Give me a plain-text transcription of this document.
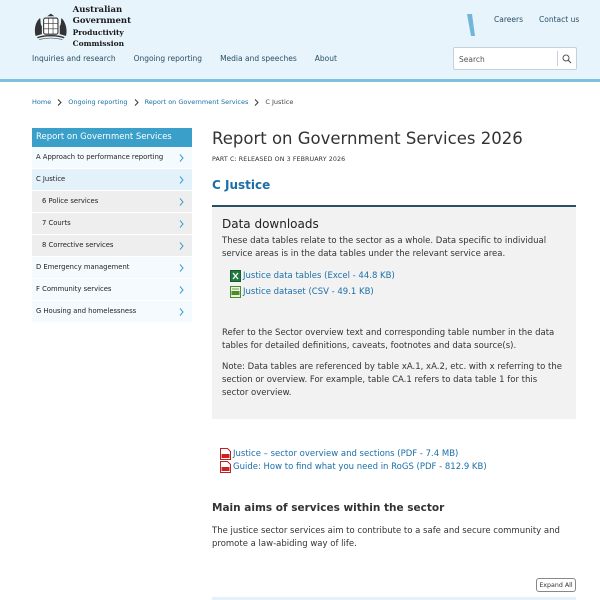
Australian Government
Productivity Commission
Careers Contact us
Inquiries and research Ongoing reporting Media and speeches About
Search
Home	Ongoing reporting	Report on Government Services	C Justice
Report on Government Services
A Approach to performance reporting
C Justice
6 Police services
7 Courts
8 Corrective services
D Emergency management
F Community services
G Housing and homelessness
Report on Government Services 2026
PART C: RELEASED ON 3 FEBRUARY 2026
C Justice
Data downloads

These data tables relate to the sector as a whole. Data specific to individual service areas is in the data tables under the relevant service area.

Justice data tables (Excel - 44.8 KB)
Justice dataset (CSV - 49.1 KB)

Refer to the Sector overview text and corresponding table number in the data tables for detailed definitions, caveats, footnotes and data source(s).

Note: Data tables are referenced by table xA.1, xA.2, etc. with x referring to the section or overview. For example, table CA.1 refers to data table 1 for this sector overview.

Justice – sector overview and sections (PDF - 7.4 MB)
Guide: How to find what you need in RoGS (PDF - 812.9 KB)
Main aims of services within the sector

The justice sector services aim to contribute to a safe and secure community and promote a law-abiding way of life.

Expand All
